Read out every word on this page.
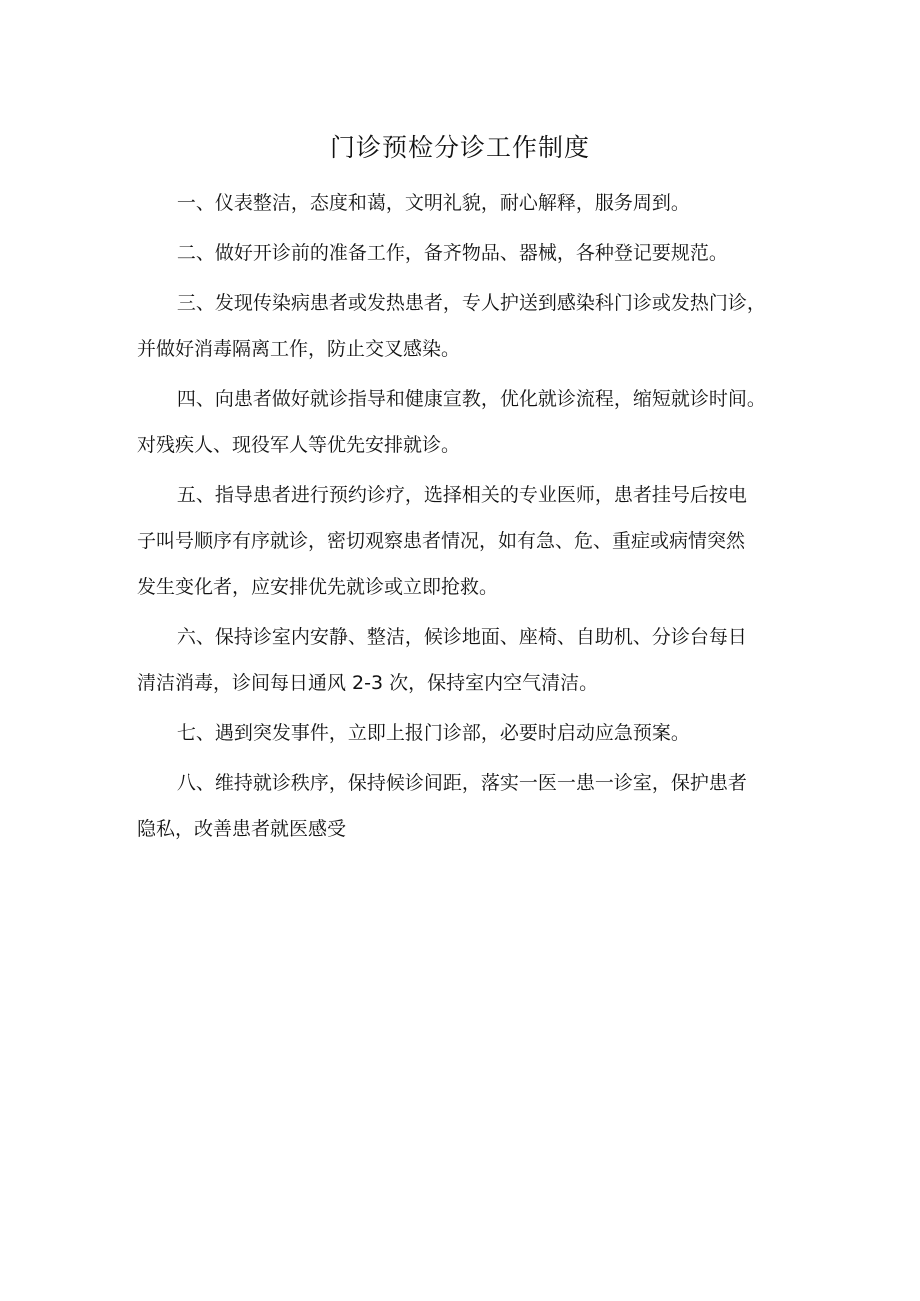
门诊预检分诊工作制度

一、仪表整洁，态度和蔼，文明礼貌，耐心解释，服务周到。

二、做好开诊前的准备工作，备齐物品、器械，各种登记要规范。

三、发现传染病患者或发热患者，专人护送到感染科门诊或发热门诊，
并做好消毒隔离工作，防止交叉感染。

四、向患者做好就诊指导和健康宣教，优化就诊流程，缩短就诊时间。
对残疾人、现役军人等优先安排就诊。

五、指导患者进行预约诊疗，选择相关的专业医师，患者挂号后按电
子叫号顺序有序就诊，密切观察患者情况，如有急、危、重症或病情突然
发生变化者，应安排优先就诊或立即抢救。

六、保持诊室内安静、整洁，候诊地面、座椅、自助机、分诊台每日
清洁消毒，诊间每日通风 2-3 次，保持室内空气清洁。

七、遇到突发事件，立即上报门诊部，必要时启动应急预案。

八、维持就诊秩序，保持候诊间距，落实一医一患一诊室，保护患者
隐私，改善患者就医感受
